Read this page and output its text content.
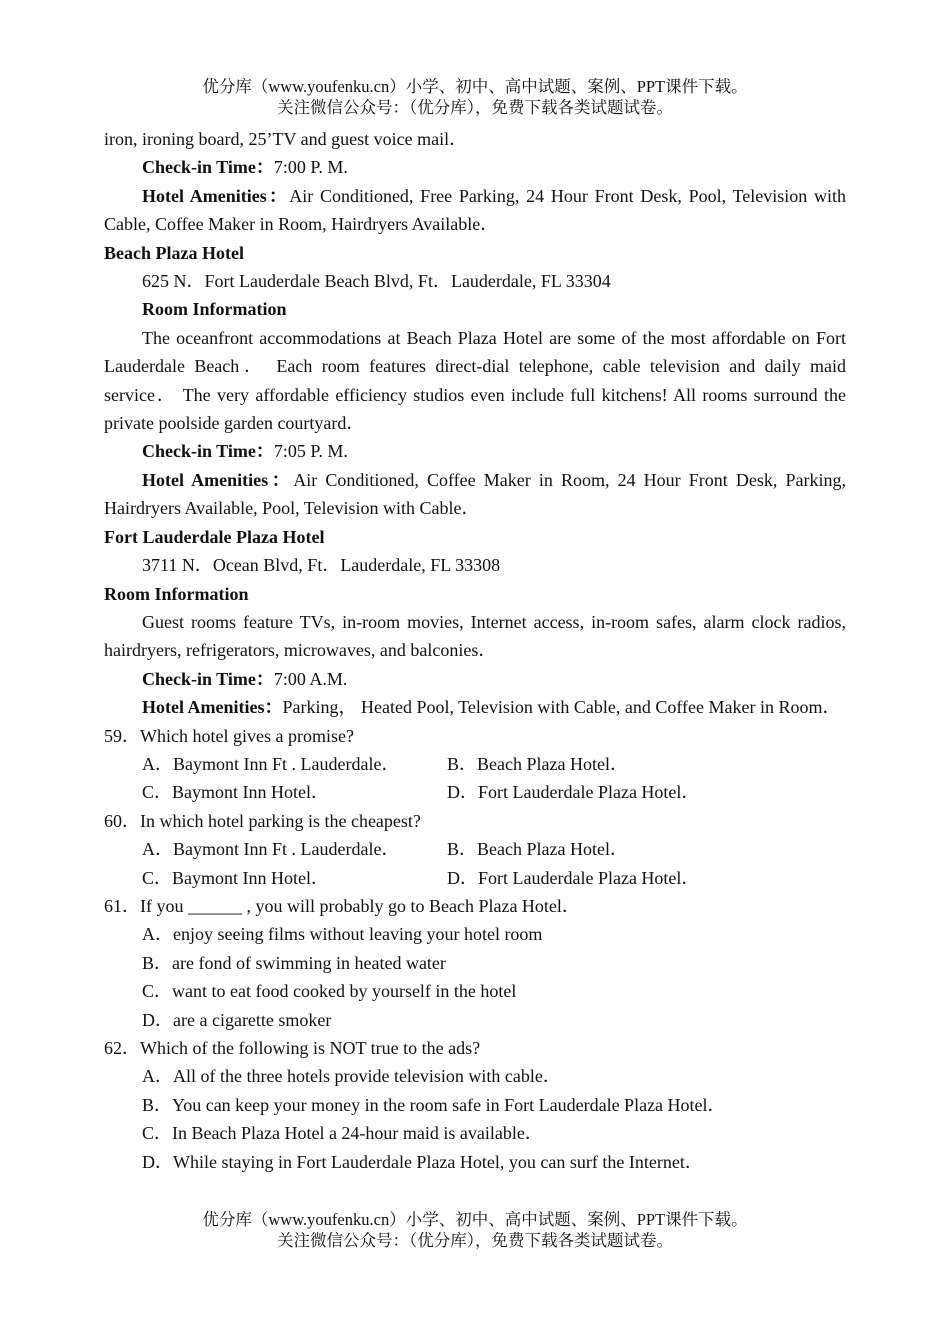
优分库（www.youfenku.cn）小学、初中、高中试题、案例、PPT课件下载。
关注微信公众号：（优分库），免费下载各类试题试卷。

iron, ironing board, 25’TV and guest voice mail．

Check-in Time：7:00 P. M.

Hotel Amenities：Air Conditioned, Free Parking, 24 Hour Front Desk, Pool, Television with Cable, Coffee Maker in Room, Hairdryers Available．

Beach Plaza Hotel

625 N．Fort Lauderdale Beach Blvd, Ft．Lauderdale, FL 33304

Room Information

The oceanfront accommodations at Beach Plaza Hotel are some of the most affordable on Fort Lauderdale Beach． Each room features direct-dial telephone, cable television and daily maid service． The very affordable efficiency studios even include full kitchens! All rooms surround the private poolside garden courtyard．

Check-in Time：7:05 P. M.

Hotel Amenities：Air Conditioned, Coffee Maker in Room, 24 Hour Front Desk, Parking, Hairdryers Available, Pool, Television with Cable．

Fort Lauderdale Plaza Hotel

3711 N．Ocean Blvd, Ft．Lauderdale, FL 33308

Room Information

Guest rooms feature TVs, in-room movies, Internet access, in-room safes, alarm clock radios, hairdryers, refrigerators, microwaves, and balconies．

Check-in Time：7:00 A.M.

Hotel Amenities：Parking， Heated Pool, Television with Cable, and Coffee Maker in Room．

59．Which hotel gives a promise?

A．Baymont Inn Ft . Lauderdale．	B．Beach Plaza Hotel．
C．Baymont Inn Hotel．	D．Fort Lauderdale Plaza Hotel．

60．In which hotel parking is the cheapest?

A．Baymont Inn Ft . Lauderdale．	B．Beach Plaza Hotel．
C．Baymont Inn Hotel．	D．Fort Lauderdale Plaza Hotel．

61．If you ______ , you will probably go to Beach Plaza Hotel．

A．enjoy seeing films without leaving your hotel room
B．are fond of swimming in heated water
C．want to eat food cooked by yourself in the hotel
D．are a cigarette smoker

62．Which of the following is NOT true to the ads?

A．All of the three hotels provide television with cable．
B．You can keep your money in the room safe in Fort Lauderdale Plaza Hotel．
C．In Beach Plaza Hotel a 24-hour maid is available．
D．While staying in Fort Lauderdale Plaza Hotel, you can surf the Internet．
优分库（www.youfenku.cn）小学、初中、高中试题、案例、PPT课件下载。
关注微信公众号：（优分库），免费下载各类试题试卷。
